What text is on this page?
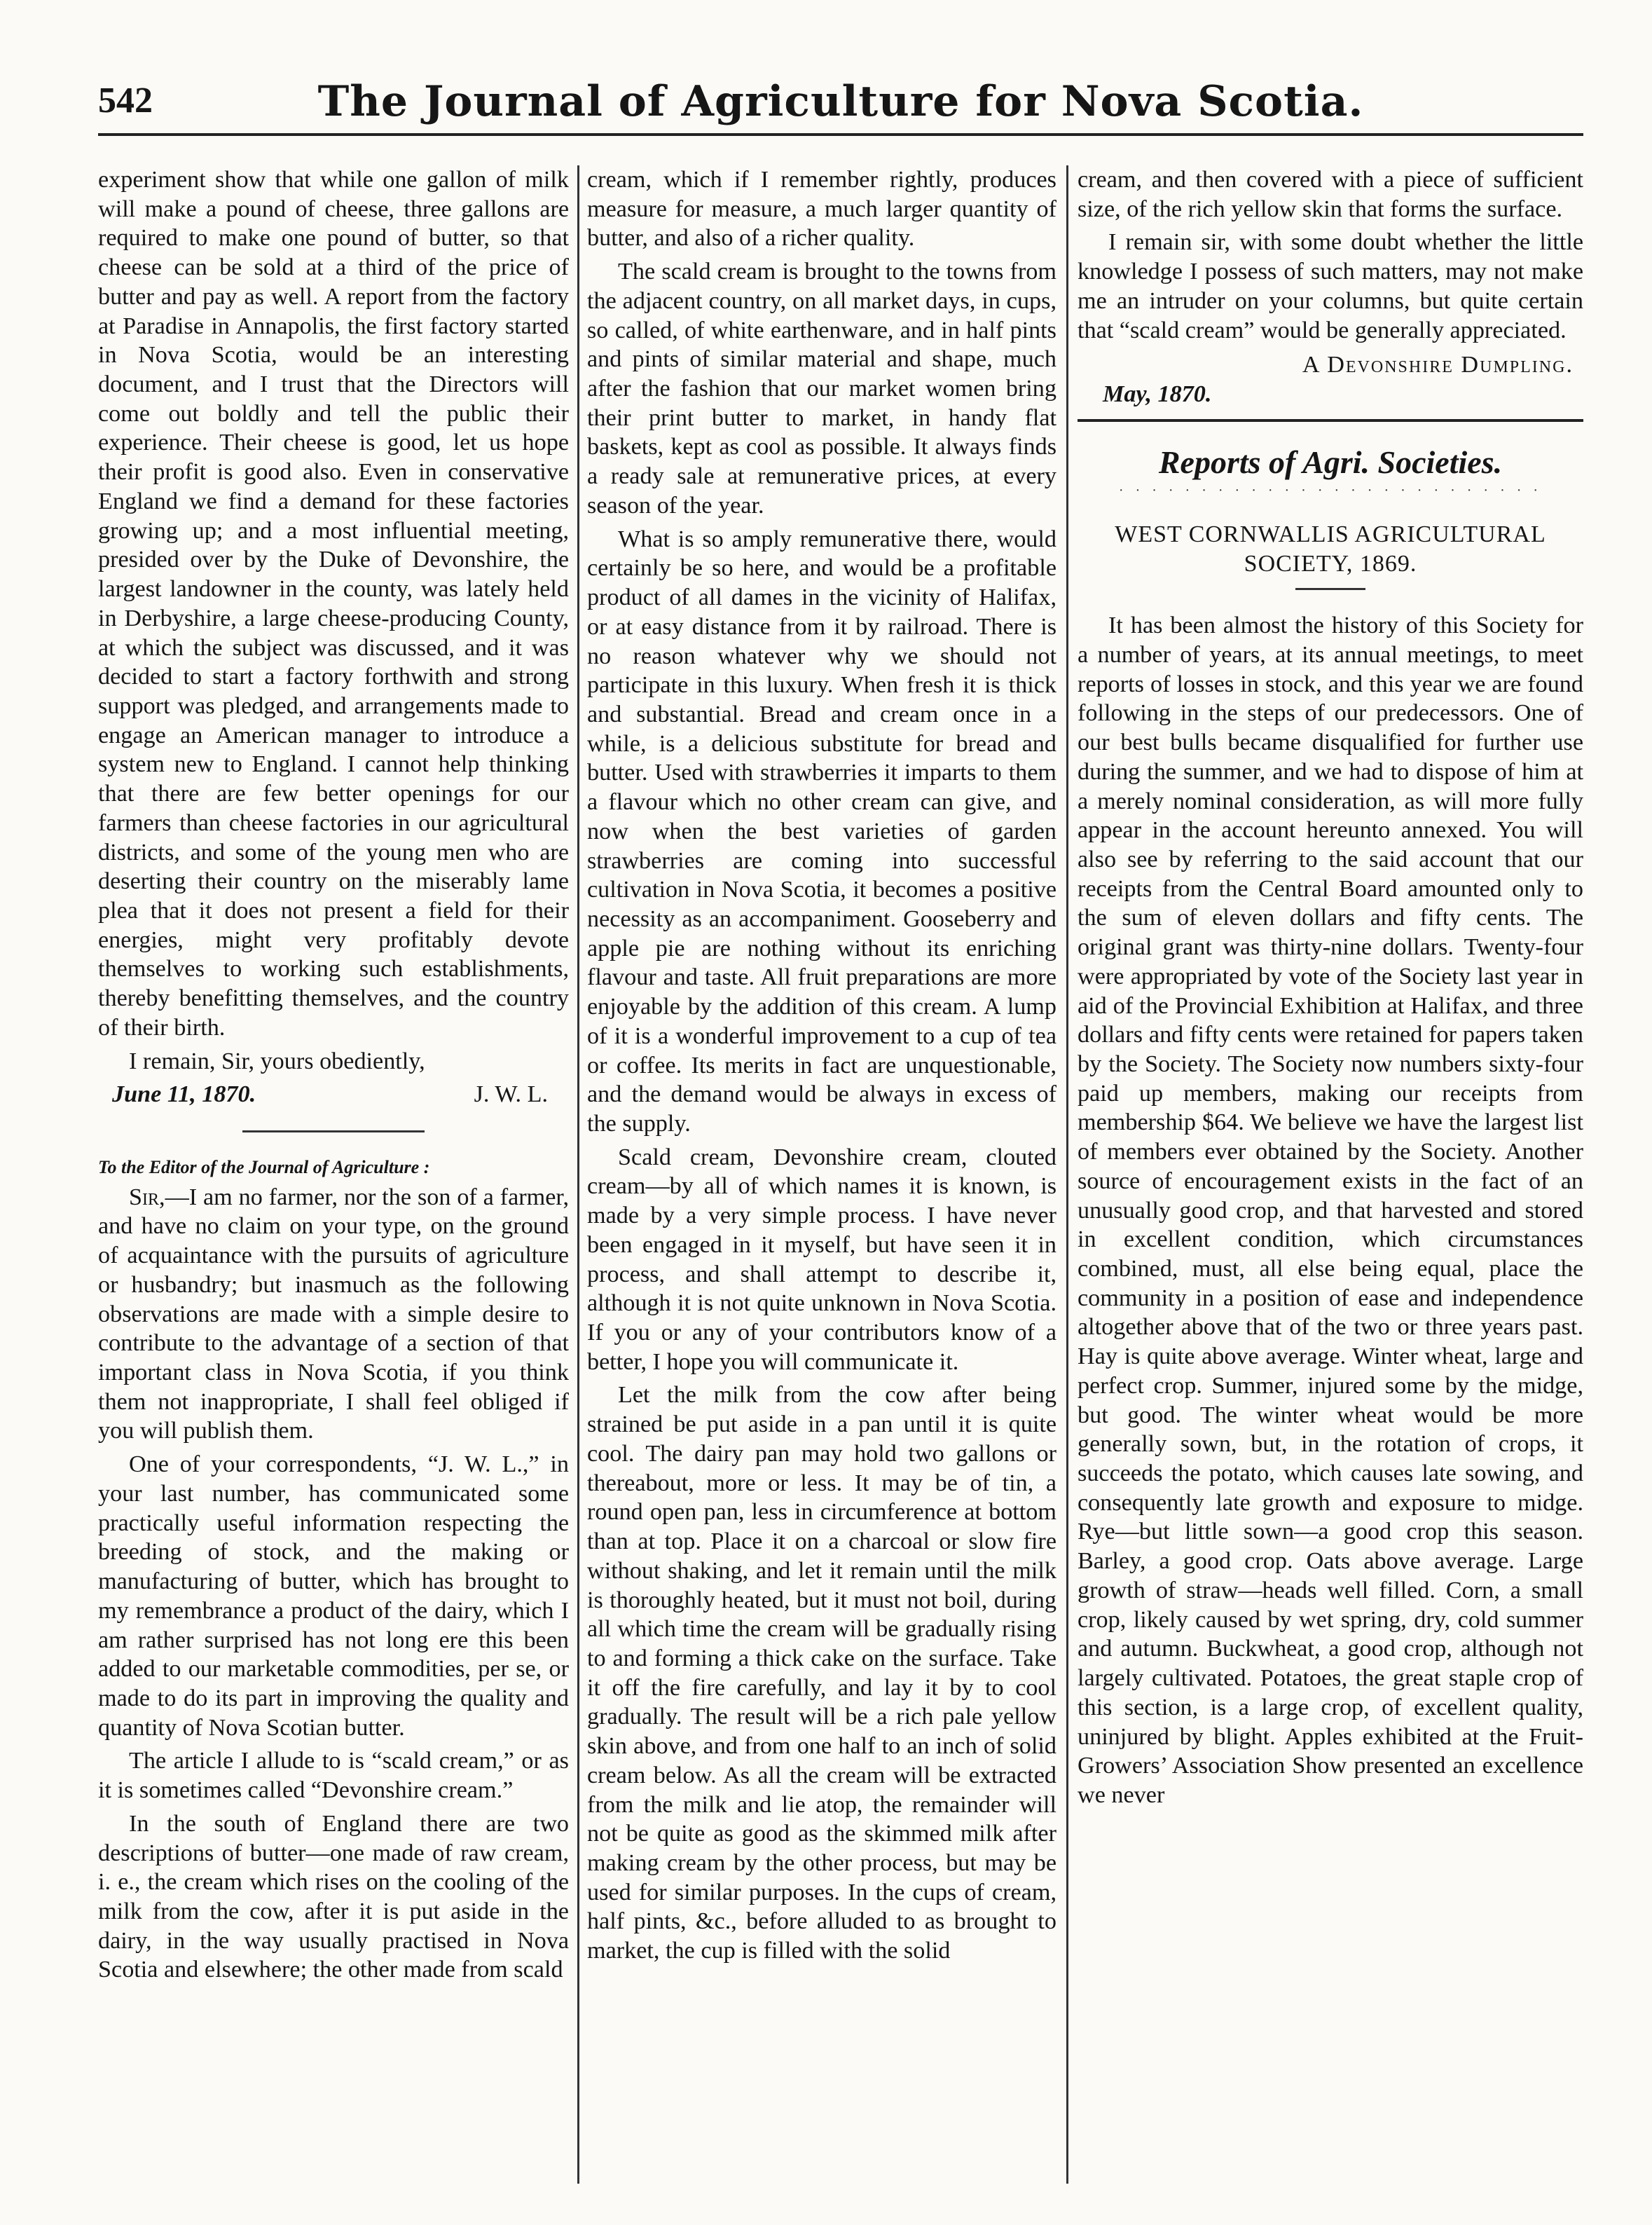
542	The Journal of Agriculture for Nova Scotia.

experiment show that while one gallon of milk will make a pound of cheese, three gallons are required to make one pound of butter, so that cheese can be sold at a third of the price of butter and pay as well. A report from the factory at Paradise in Annapolis, the first factory started in Nova Scotia, would be an interesting document, and I trust that the Directors will come out boldly and tell the public their experience. Their cheese is good, let us hope their profit is good also. Even in conservative England we find a demand for these factories growing up; and a most influential meeting, presided over by the Duke of Devonshire, the largest landowner in the county, was lately held in Derbyshire, a large cheese-producing County, at which the subject was discussed, and it was decided to start a factory forthwith and strong support was pledged, and arrangements made to engage an American manager to introduce a system new to England. I cannot help thinking that there are few better openings for our farmers than cheese factories in our agricultural districts, and some of the young men who are deserting their country on the miserably lame plea that it does not present a field for their energies, might very profitably devote themselves to working such establishments, thereby benefitting themselves, and the country of their birth.

I remain, Sir, yours obediently,

June 11, 1870.	J. W. L.
To the Editor of the Journal of Agriculture :

Sir,—I am no farmer, nor the son of a farmer, and have no claim on your type, on the ground of acquaintance with the pursuits of agriculture or husbandry; but inasmuch as the following observations are made with a simple desire to contribute to the advantage of a section of that important class in Nova Scotia, if you think them not inappropriate, I shall feel obliged if you will publish them.

One of your correspondents, “J. W. L.,” in your last number, has communicated some practically useful information respecting the breeding of stock, and the making or manufacturing of butter, which has brought to my remembrance a product of the dairy, which I am rather surprised has not long ere this been added to our marketable commodities, per se, or made to do its part in improving the quality and quantity of Nova Scotian butter.

The article I allude to is “scald cream,” or as it is sometimes called “Devonshire cream.”

In the south of England there are two descriptions of butter—one made of raw cream, i. e., the cream which rises on the cooling of the milk from the cow, after it is put aside in the dairy, in the way usually practised in Nova Scotia and elsewhere; the other made from scald

cream, which if I remember rightly, produces measure for measure, a much larger quantity of butter, and also of a richer quality.

The scald cream is brought to the towns from the adjacent country, on all market days, in cups, so called, of white earthenware, and in half pints and pints of similar material and shape, much after the fashion that our market women bring their print butter to market, in handy flat baskets, kept as cool as possible. It always finds a ready sale at remunerative prices, at every season of the year.

What is so amply remunerative there, would certainly be so here, and would be a profitable product of all dames in the vicinity of Halifax, or at easy distance from it by railroad. There is no reason whatever why we should not participate in this luxury. When fresh it is thick and substantial. Bread and cream once in a while, is a delicious substitute for bread and butter. Used with strawberries it imparts to them a flavour which no other cream can give, and now when the best varieties of garden strawberries are coming into successful cultivation in Nova Scotia, it becomes a positive necessity as an accompaniment. Gooseberry and apple pie are nothing without its enriching flavour and taste. All fruit preparations are more enjoyable by the addition of this cream. A lump of it is a wonderful improvement to a cup of tea or coffee. Its merits in fact are unquestionable, and the demand would be always in excess of the supply.

Scald cream, Devonshire cream, clouted cream—by all of which names it is known, is made by a very simple process. I have never been engaged in it myself, but have seen it in process, and shall attempt to describe it, although it is not quite unknown in Nova Scotia. If you or any of your contributors know of a better, I hope you will communicate it.

Let the milk from the cow after being strained be put aside in a pan until it is quite cool. The dairy pan may hold two gallons or thereabout, more or less. It may be of tin, a round open pan, less in circumference at bottom than at top. Place it on a charcoal or slow fire without shaking, and let it remain until the milk is thoroughly heated, but it must not boil, during all which time the cream will be gradually rising to and forming a thick cake on the surface. Take it off the fire carefully, and lay it by to cool gradually. The result will be a rich pale yellow skin above, and from one half to an inch of solid cream below. As all the cream will be extracted from the milk and lie atop, the remainder will not be quite as good as the skimmed milk after making cream by the other process, but may be used for similar purposes. In the cups of cream, half pints, &c., before alluded to as brought to market, the cup is filled with the solid

cream, and then covered with a piece of sufficient size, of the rich yellow skin that forms the surface.

I remain sir, with some doubt whether the little knowledge I possess of such matters, may not make me an intruder on your columns, but quite certain that “scald cream” would be generally appreciated.

A Devonshire Dumpling.
May, 1870.
Reports of Agri. Societies.
· · · · · · · · · · · · · · · · · · · · · · · · · ·
WEST CORNWALLIS AGRICULTURAL SOCIETY, 1869.

It has been almost the history of this Society for a number of years, at its annual meetings, to meet reports of losses in stock, and this year we are found following in the steps of our predecessors. One of our best bulls became disqualified for further use during the summer, and we had to dispose of him at a merely nominal consideration, as will more fully appear in the account hereunto annexed. You will also see by referring to the said account that our receipts from the Central Board amounted only to the sum of eleven dollars and fifty cents. The original grant was thirty-nine dollars. Twenty-four were appropriated by vote of the Society last year in aid of the Provincial Exhibition at Halifax, and three dollars and fifty cents were retained for papers taken by the Society. The Society now numbers sixty-four paid up members, making our receipts from membership $64. We believe we have the largest list of members ever obtained by the Society. Another source of encouragement exists in the fact of an unusually good crop, and that harvested and stored in excellent condition, which circumstances combined, must, all else being equal, place the community in a position of ease and independence altogether above that of the two or three years past. Hay is quite above average. Winter wheat, large and perfect crop. Summer, injured some by the midge, but good. The winter wheat would be more generally sown, but, in the rotation of crops, it succeeds the potato, which causes late sowing, and consequently late growth and exposure to midge. Rye—but little sown—a good crop this season. Barley, a good crop. Oats above average. Large growth of straw—heads well filled. Corn, a small crop, likely caused by wet spring, dry, cold summer and autumn. Buckwheat, a good crop, although not largely cultivated. Potatoes, the great staple crop of this section, is a large crop, of excellent quality, uninjured by blight. Apples exhibited at the Fruit-Growers’ Association Show presented an excellence we never
